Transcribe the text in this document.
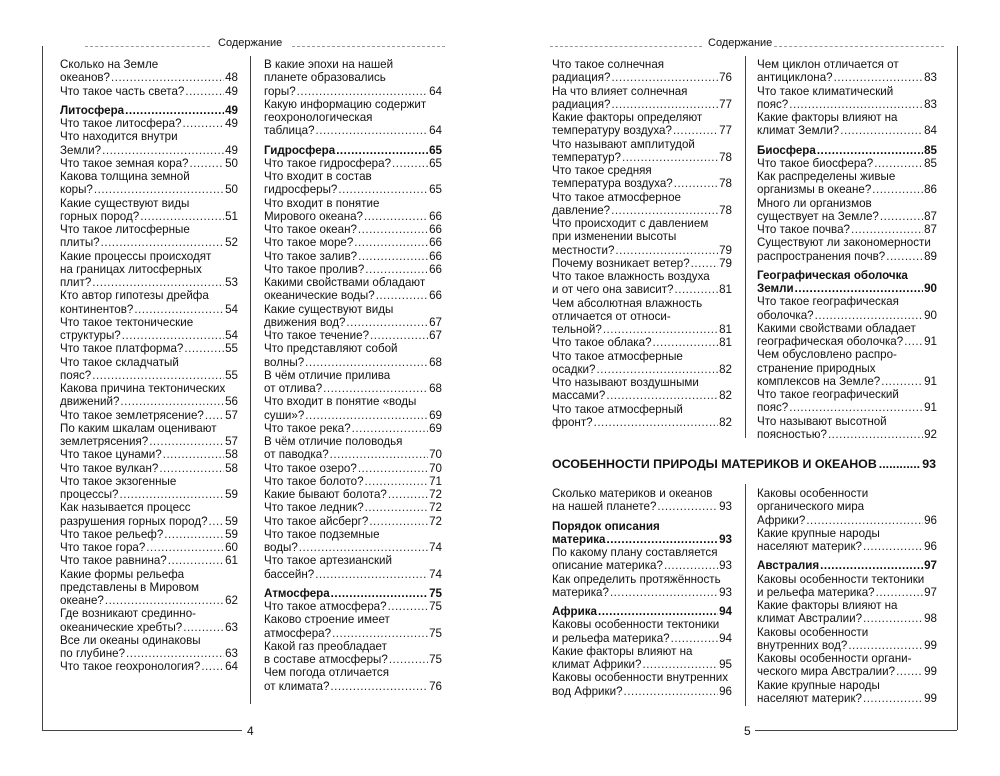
Содержание
4
Сколько на Земле
океанов? .....	48
Что такое часть света? .....	49
Литосфера .....	49
Что такое литосфера? .....	49
Что находится внутри
Земли? .....	49
Что такое земная кора? .....	50
Какова толщина земной
коры? .....	50
Какие существуют виды
горных пород? .....	51
Что такое литосферные
плиты? .....	52
Какие процессы происходят
на границах литосферных
плит? .....	53
Кто автор гипотезы дрейфа
континентов? .....	54
Что такое тектонические
структуры? .....	54
Что такое платформа? .....	55
Что такое складчатый
пояс? .....	55
Какова причина тектонических
движений? .....	56
Что такое землетрясение? ..... 57
По каким шкалам оценивают
землетрясения? .....	57
Что такое цунами? .....	58
Что такое вулкан? .....	58
Что такое экзогенные
процессы? .....	59
Как называется процесс
разрушения горных пород? ..... 59
Что такое рельеф? .....	59
Что такое гора? .....	60
Что такое равнина? .....	61
Какие формы рельефа
представлены в Мировом
океане? .....	62
Где возникают срединно-
океанические хребты? .....	63
Все ли океаны одинаковы
по глубине? .....	63
Что такое геохронология? ..... 64
В какие эпохи на нашей
планете образовались
горы? .....	64
Какую информацию содержит
геохронологическая
таблица? .....	64
Гидросфера .....	65
Что такое гидросфера? .....	65
Что входит в состав
гидросферы? .....	65
Что входит в понятие
Мирового океана? .....	66
Что такое океан? .....	66
Что такое море? .....	66
Что такое залив? .....	66
Что такое пролив? .....	66
Какими свойствами обладают
океанические воды? .....	66
Какие существуют виды
движения вод? .....	67
Что такое течение? .....	67
Что представляют собой
волны? .....	68
В чём отличие прилива
от отлива? .....	68
Что входит в понятие «воды
суши»? .....	69
Что такое река? .....	69
В чём отличие половодья
от паводка? .....	70
Что такое озеро? .....	70
Что такое болото? .....	71
Какие бывают болота? .....	72
Что такое ледник? .....	72
Что такое айсберг? .....	72
Что такое подземные
воды? .....	74
Что такое артезианский
бассейн? .....	74
Атмосфера .....	75
Что такое атмосфера? .....	75
Каково строение имеет
атмосфера? .....	75
Какой газ преобладает
в составе атмосферы? .....	75
Чем погода отличается
от климата? .....	76
Содержание
5
Что такое солнечная
радиация? .....	76
На что влияет солнечная
радиация? .....	77
Какие факторы определяют
температуру воздуха? .....	77
Что называют амплитудой
температур? .....	78
Что такое средняя
температура воздуха? .....	78
Что такое атмосферное
давление? .....	78
Что происходит с давлением
при изменении высоты
местности? .....	79
Почему возникает ветер? .....	79
Что такое влажность воздуха
и от чего она зависит? .....	81
Чем абсолютная влажность
отличается от относи-
тельной? .....	81
Что такое облака? .....	81
Что такое атмосферные
осадки? .....	82
Что называют воздушными
массами? .....	82
Что такое атмосферный
фронт? .....	82
Чем циклон отличается от
антициклона? .....	83
Что такое климатический
пояс? .....	83
Какие факторы влияют на
климат Земли? .....	84
Биосфера .....	85
Что такое биосфера? .....	85
Как распределены живые
организмы в океане? .....	86
Много ли организмов
существует на Земле? .....	87
Что такое почва? .....	87
Существуют ли закономерности
распространения почв? .....	89
Географическая оболочка
Земли .....	90
Что такое географическая
оболочка? .....	90
Какими свойствами обладает
географическая оболочка? ..... 91
Чем обусловлено распро-
странение природных
комплексов на Земле? .....	91
Что такое географический
пояс? .....	91
Что называют высотной
поясностью? .....	92
ОСОБЕННОСТИ ПРИРОДЫ МАТЕРИКОВ И ОКЕАНОВ .....	93
Сколько материков и океанов
на нашей планете? .....	93
Порядок описания
материка .....	93
По какому плану составляется
описание материка? .....	93
Как определить протяжённость
материка? .....	93
Африка .....	94
Каковы особенности тектоники
и рельефа материка? .....	94
Какие факторы влияют на
климат Африки? .....	95
Каковы особенности внутренних
вод Африки? .....	96
Каковы особенности
органического мира
Африки? .....	96
Какие крупные народы
населяют материк? .....	96
Австралия .....	97
Каковы особенности тектоники
и рельефа материка? .....	97
Какие факторы влияют на
климат Австралии? .....	98
Каковы особенности
внутренних вод? .....	99
Каковы особенности органи-
ческого мира Австралии? .....	99
Какие крупные народы
населяют материк? .....	99
